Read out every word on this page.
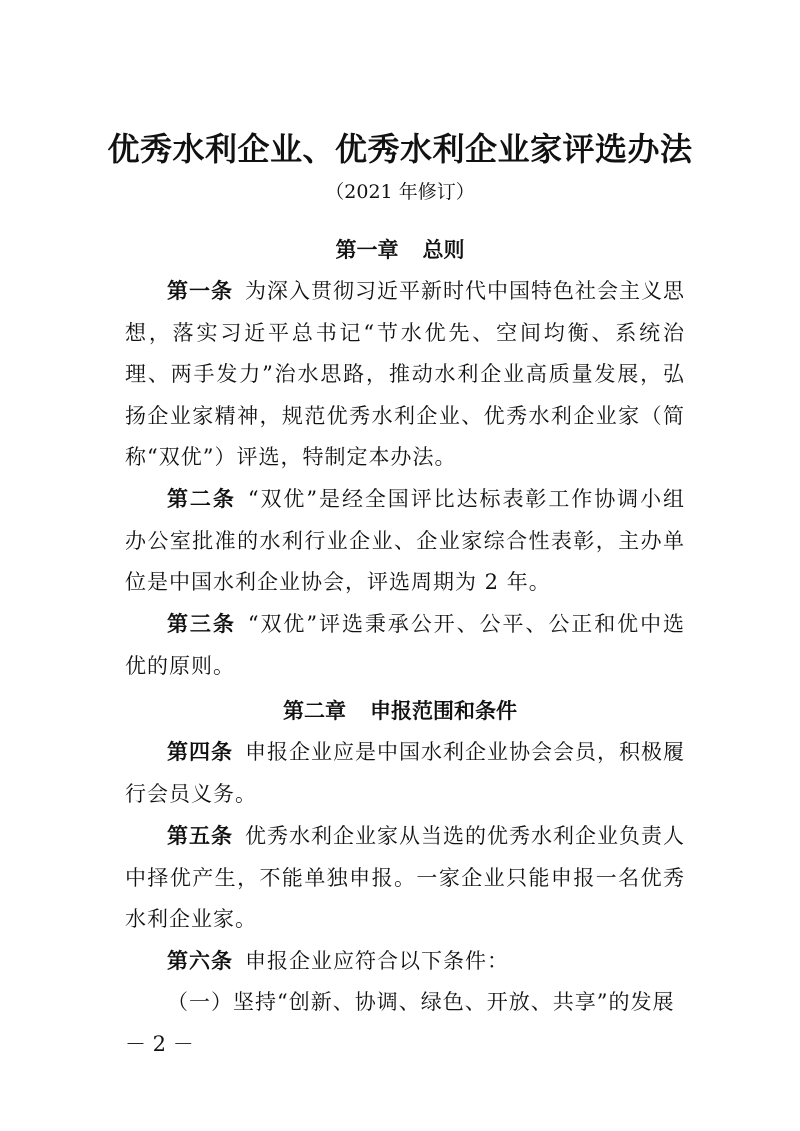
优秀水利企业、优秀水利企业家评选办法
（2021 年修订）
第一章 总则
第一条 为深入贯彻习近平新时代中国特色社会主义思想，落实习近平总书记“节水优先、空间均衡、系统治理、两手发力”治水思路，推动水利企业高质量发展，弘扬企业家精神，规范优秀水利企业、优秀水利企业家（简称“双优”）评选，特制定本办法。
第二条 “双优”是经全国评比达标表彰工作协调小组办公室批准的水利行业企业、企业家综合性表彰，主办单位是中国水利企业协会，评选周期为 2 年。
第三条 “双优”评选秉承公开、公平、公正和优中选优的原则。
第二章 申报范围和条件
第四条 申报企业应是中国水利企业协会会员，积极履行会员义务。
第五条 优秀水利企业家从当选的优秀水利企业负责人中择优产生，不能单独申报。一家企业只能申报一名优秀水利企业家。
第六条 申报企业应符合以下条件：
（一）坚持“创新、协调、绿色、开放、共享”的发展
－ 2 －
